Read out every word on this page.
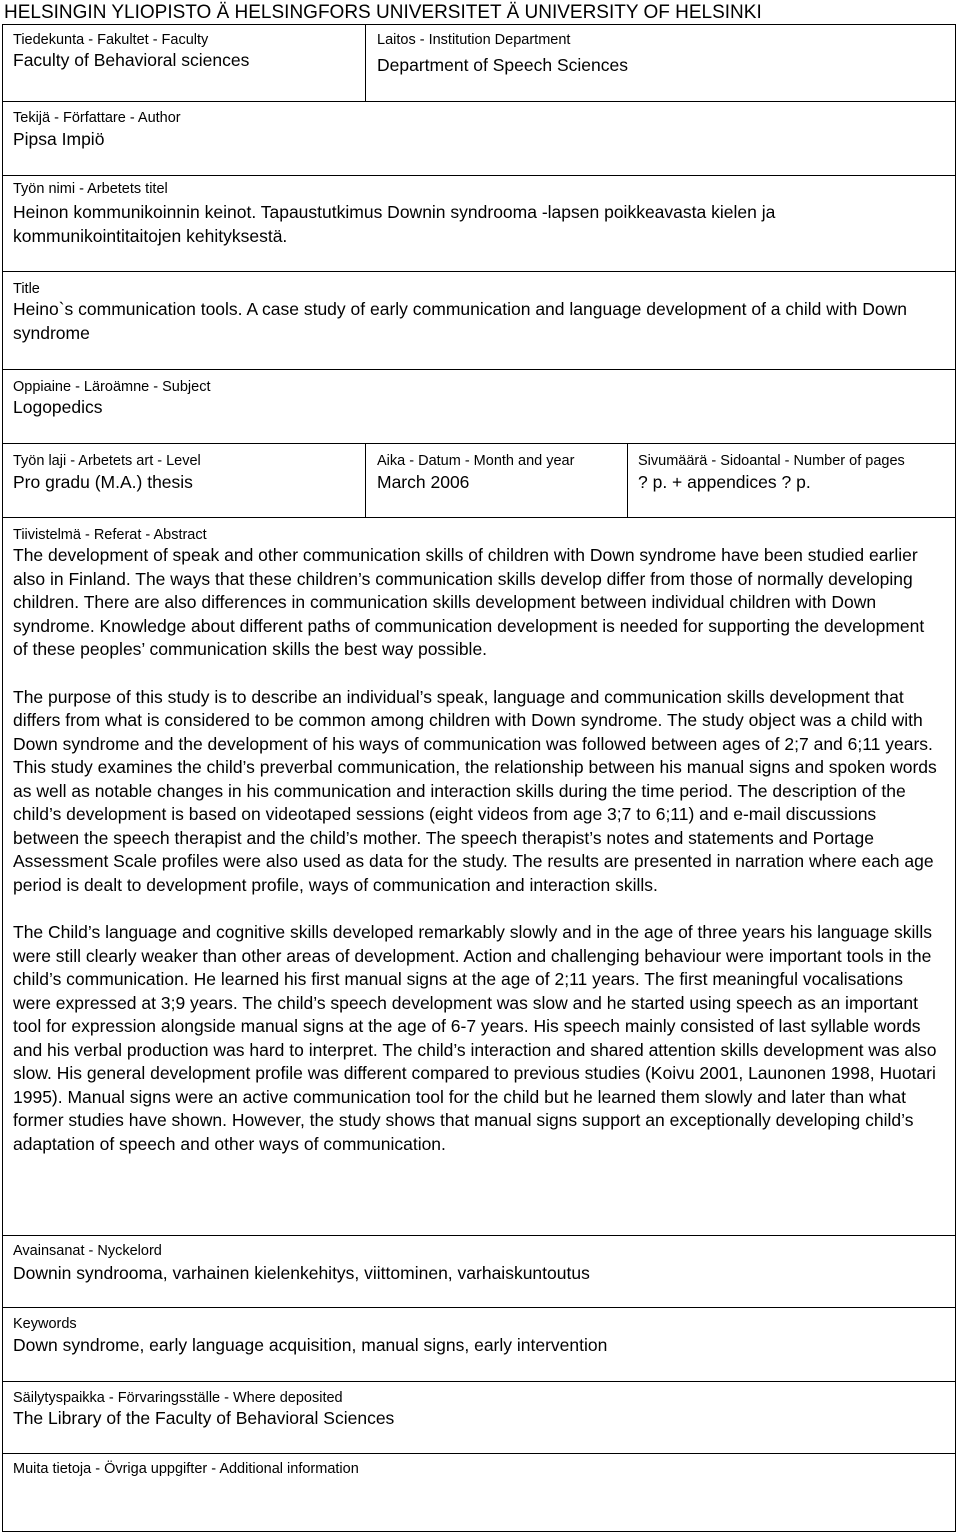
HELSINGIN YLIOPISTO Ä HELSINGFORS UNIVERSITET Ä UNIVERSITY OF HELSINKI
Tiedekunta - Fakultet - Faculty
Faculty of Behavioral sciences
Laitos - Institution Department
Department of Speech Sciences
Tekijä - Författare - Author
Pipsa Impiö
Työn nimi - Arbetets titel
Heinon kommunikoinnin keinot. Tapaustutkimus Downin syndrooma -lapsen poikkeavasta kielen ja kommunikointitaitojen kehityksestä.
Title
Heino`s communication tools. A case study of early communication and language development of a child with Down syndrome
Oppiaine - Läroämne - Subject
Logopedics
Työn laji - Arbetets art - Level
Pro gradu (M.A.) thesis
Aika - Datum - Month and year
March 2006
Sivumäärä - Sidoantal - Number of pages
? p. + appendices ? p.
Tiivistelmä - Referat - Abstract

The development of speak and other communication skills of children with Down syndrome have been studied earlier also in Finland. The ways that these children’s communication skills develop differ from those of normally developing children. There are also differences in communication skills development between individual children with Down syndrome. Knowledge about different paths of communication development is needed for supporting the development of these peoples’ communication skills the best way possible.

The purpose of this study is to describe an individual’s speak, language and communication skills development that differs from what is considered to be common among children with Down syndrome. The study object was a child with Down syndrome and the development of his ways of communication was followed between ages of 2;7 and 6;11 years. This study examines the child’s preverbal communication, the relationship between his manual signs and spoken words as well as notable changes in his communication and interaction skills during the time period. The description of the child’s development is based on videotaped sessions (eight videos from age 3;7 to 6;11) and e-mail discussions between the speech therapist and the child’s mother. The speech therapist’s notes and statements and Portage Assessment Scale profiles were also used as data for the study. The results are presented in narration where each age period is dealt to development profile, ways of communication and interaction skills.

The Child’s language and cognitive skills developed remarkably slowly and in the age of three years his language skills were still clearly weaker than other areas of development. Action and challenging behaviour were important tools in the child’s communication. He learned his first manual signs at the age of 2;11 years. The first meaningful vocalisations were expressed at 3;9 years. The child’s speech development was slow and he started using speech as an important tool for expression alongside manual signs at the age of 6-7 years. His speech mainly consisted of last syllable words and his verbal production was hard to interpret. The child’s interaction and shared attention skills development was also slow. His general development profile was different compared to previous studies (Koivu 2001, Launonen 1998, Huotari 1995). Manual signs were an active communication tool for the child but he learned them slowly and later than what former studies have shown. However, the study shows that manual signs support an exceptionally developing child’s adaptation of speech and other ways of communication.

Avainsanat - Nyckelord
Downin syndrooma, varhainen kielenkehitys, viittominen, varhaiskuntoutus
Keywords
Down syndrome, early language acquisition, manual signs, early intervention
Säilytyspaikka - Förvaringsställe - Where deposited
The Library of the Faculty of Behavioral Sciences
Muita tietoja - Övriga uppgifter - Additional information
